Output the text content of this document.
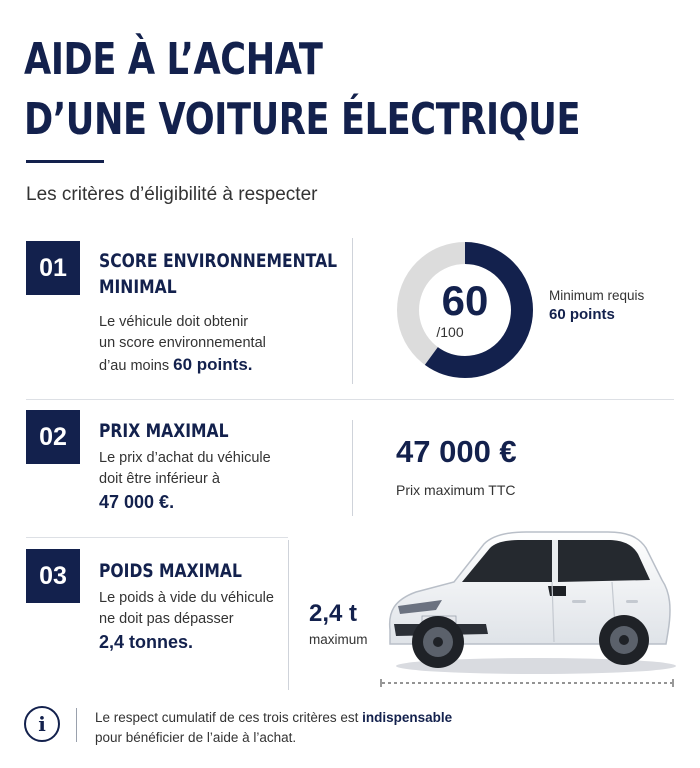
AIDE À L’ACHAT
D’UNE VOITURE ÉLECTRIQUE
Les critères d’éligibilité à respecter
01	SCORE ENVIRONNEMENTAL
MINIMAL
Le véhicule doit obtenir
un score environnemental
d’au moins 60 points.
60
/100
Minimum requis
60 points
02	PRIX MAXIMAL
Le prix d’achat du véhicule
doit être inférieur à
47 000 €.
47 000 €
Prix maximum TTC
03	POIDS MAXIMAL
Le poids à vide du véhicule
ne doit pas dépasser
2,4 tonnes.
2,4 t
maximum
i	Le respect cumulatif de ces trois critères est indispensable
pour bénéficier de l’aide à l’achat.
